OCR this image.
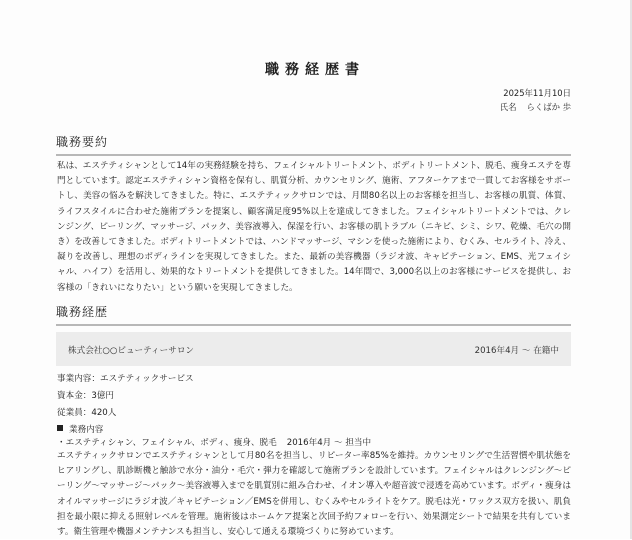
職務経歴書
2025年11月10日
氏名 らくばか 歩
職務要約
私は、エステティシャンとして14年の実務経験を持ち、フェイシャルトリートメント、ボディトリートメント、脱毛、痩身エステを専門としています。認定エステティシャン資格を保有し、肌質分析、カウンセリング、施術、アフターケアまで一貫してお客様をサポートし、美容の悩みを解決してきました。特に、エステティックサロンでは、月間80名以上のお客様を担当し、お客様の肌質、体質、ライフスタイルに合わせた施術プランを提案し、顧客満足度95%以上を達成してきました。フェイシャルトリートメントでは、クレンジング、ピーリング、マッサージ、パック、美容液導入、保湿を行い、お客様の肌トラブル（ニキビ、シミ、シワ、乾燥、毛穴の開き）を改善してきました。ボディトリートメントでは、ハンドマッサージ、マシンを使った施術により、むくみ、セルライト、冷え、凝りを改善し、理想のボディラインを実現してきました。また、最新の美容機器（ラジオ波、キャビテーション、EMS、光フェイシャル、ハイフ）を活用し、効果的なトリートメントを提供してきました。14年間で、3,000名以上のお客様にサービスを提供し、お客様の「きれいになりたい」という願いを実現してきました。
職務経歴
株式会社○○ビューティーサロン	2016年4月 〜 在籍中
事業内容：エステティックサービス
資本金：3億円
従業員：420人
業務内容
・エステティシャン、フェイシャル、ボディ、痩身、脱毛 2016年4月 〜 担当中
エステティックサロンでエステティシャンとして月80名を担当し、リピーター率85%を維持。カウンセリングで生活習慣や肌状態をヒアリングし、肌診断機と触診で水分・油分・毛穴・弾力を確認して施術プランを設計しています。フェイシャルはクレンジング〜ピーリング〜マッサージ〜パック〜美容液導入までを肌質別に組み合わせ、イオン導入や超音波で浸透を高めています。ボディ・痩身はオイルマッサージにラジオ波／キャビテーション／EMSを併用し、むくみやセルライトをケア。脱毛は光・ワックス双方を扱い、肌負担を最小限に抑える照射レベルを管理。施術後はホームケア提案と次回予約フォローを行い、効果測定シートで結果を共有しています。衛生管理や機器メンテナンスも担当し、安心して通える環境づくりに努めています。
